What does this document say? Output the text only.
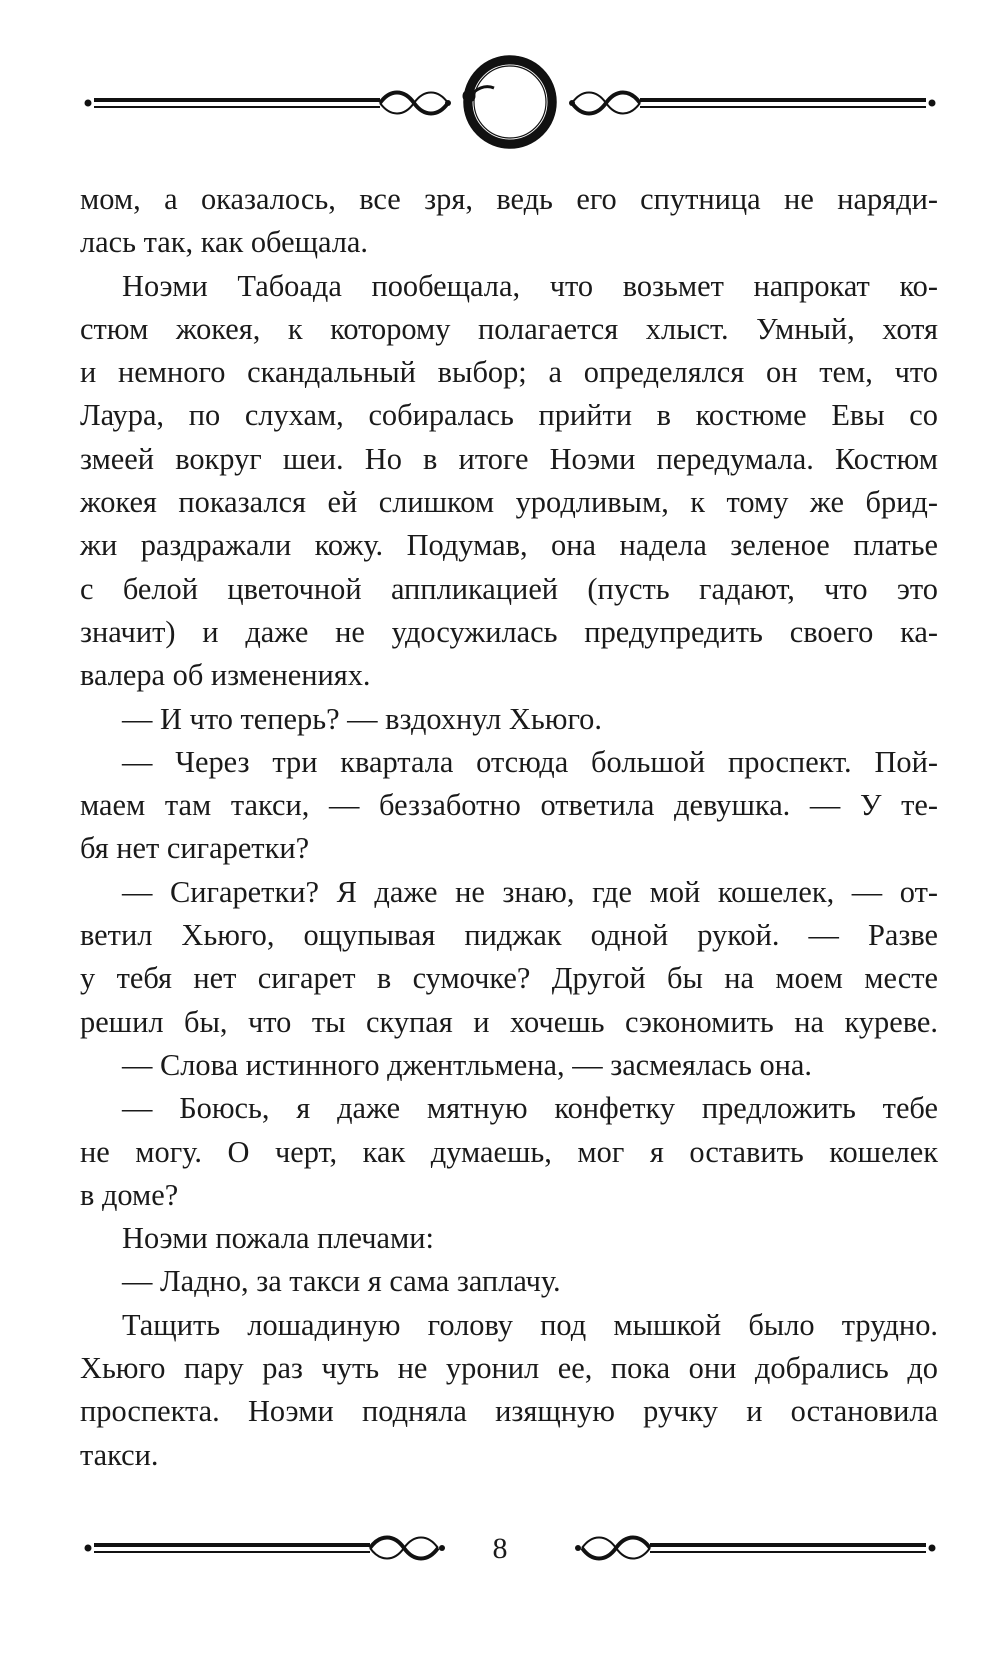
мом, а оказалось, все зря, ведь его спутница не наряди-
лась так, как обещала.
Ноэми Табоада пообещала, что возьмет напрокат ко-
стюм жокея, к которому полагается хлыст. Умный, хотя
и немного скандальный выбор; а определялся он тем, что
Лаура, по слухам, собиралась прийти в костюме Евы со
змеей вокруг шеи. Но в итоге Ноэми передумала. Костюм
жокея показался ей слишком уродливым, к тому же брид-
жи раздражали кожу. Подумав, она надела зеленое платье
с белой цветочной аппликацией (пусть гадают, что это
значит) и даже не удосужилась предупредить своего ка-
валера об изменениях.
— И что теперь? — вздохнул Хьюго.
— Через три квартала отсюда большой проспект. Пой-
маем там такси, — беззаботно ответила девушка. — У те-
бя нет сигаретки?
— Сигаретки? Я даже не знаю, где мой кошелек, — от-
ветил Хьюго, ощупывая пиджак одной рукой. — Разве
у тебя нет сигарет в сумочке? Другой бы на моем месте
решил бы, что ты скупая и хочешь сэкономить на куреве.
— Слова истинного джентльмена, — засмеялась она.
— Боюсь, я даже мятную конфетку предложить тебе
не могу. О черт, как думаешь, мог я оставить кошелек
в доме?
Ноэми пожала плечами:
— Ладно, за такси я сама заплачу.
Тащить лошадиную голову под мышкой было трудно.
Хьюго пару раз чуть не уронил ее, пока они добрались до
проспекта. Ноэми подняла изящную ручку и остановила
такси.
8
